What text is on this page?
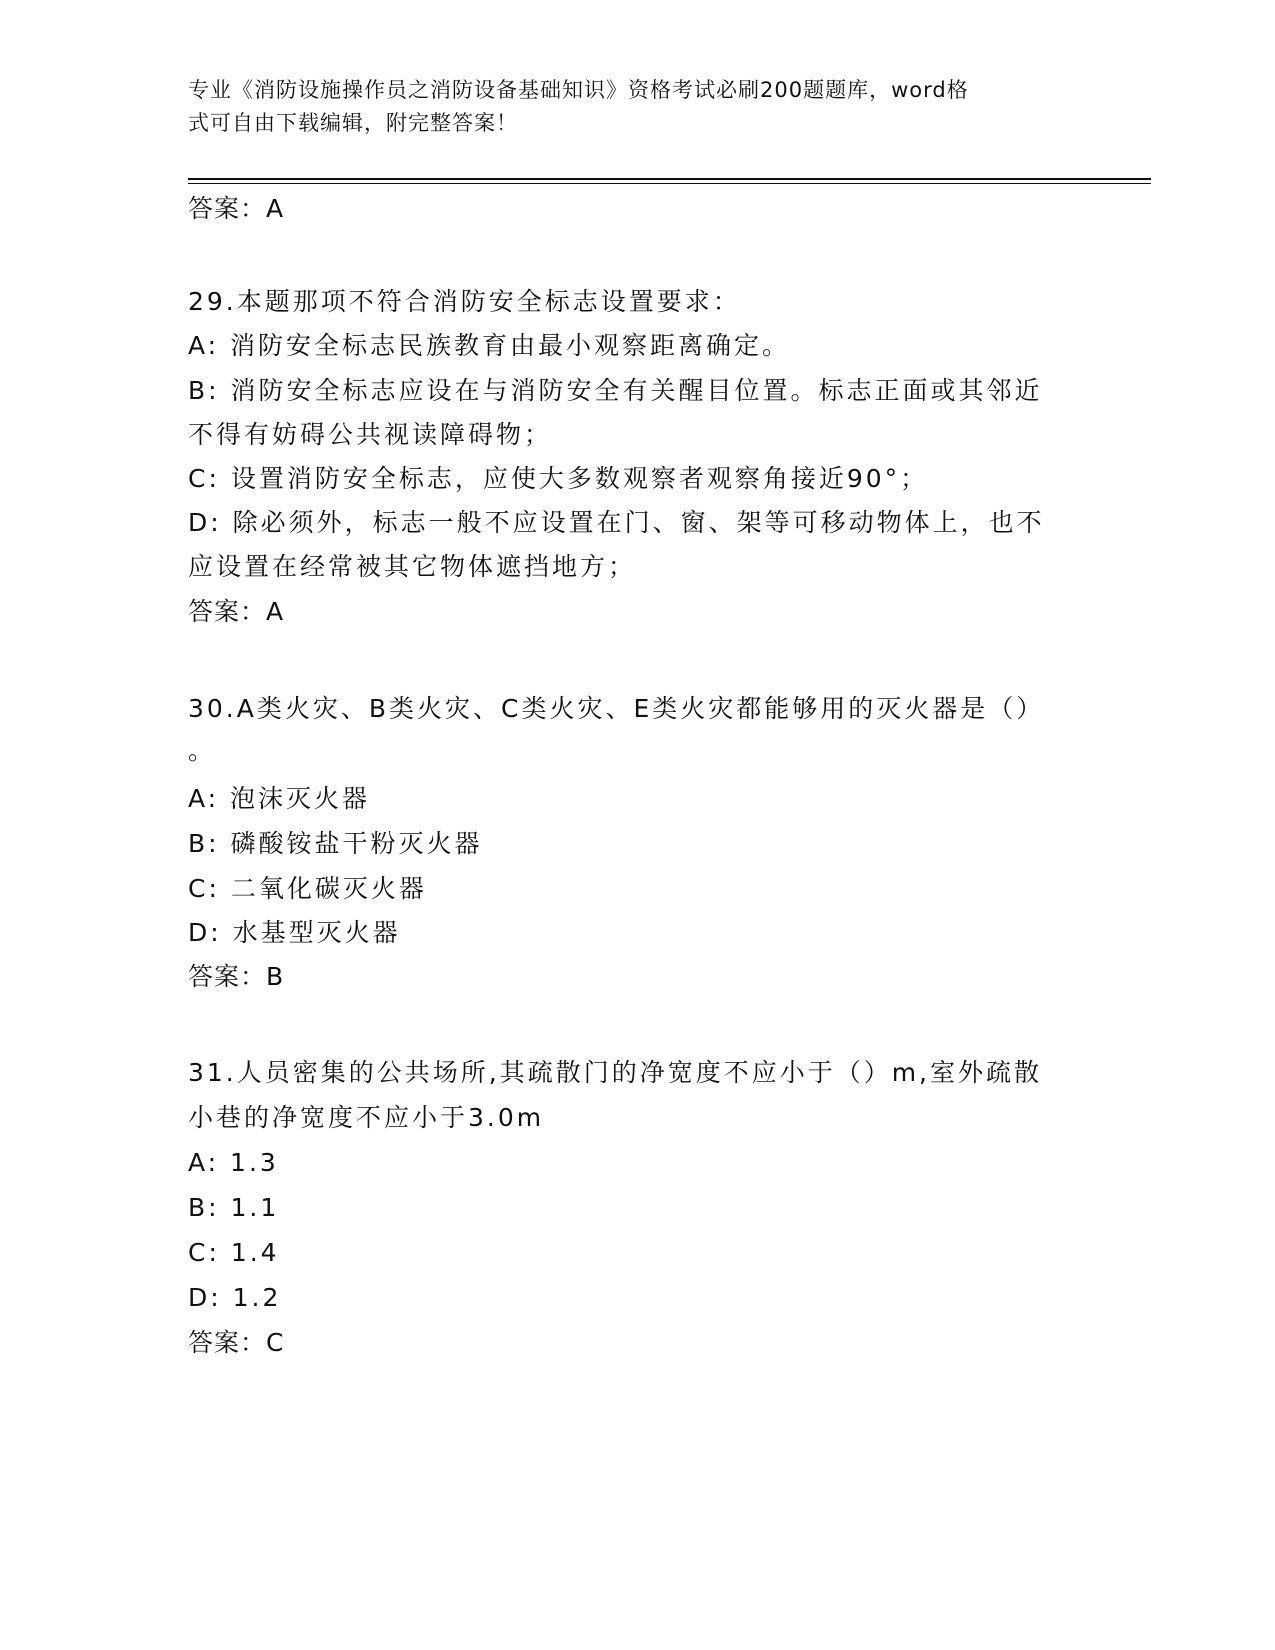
专业《消防设施操作员之消防设备基础知识》资格考试必刷200题题库，word格
式可自由下载编辑，附完整答案！
答案：A
29.本题那项不符合消防安全标志设置要求：
A: 消防安全标志民族教育由最小观察距离确定。
B: 消防安全标志应设在与消防安全有关醒目位置。标志正面或其邻近
不得有妨碍公共视读障碍物；
C: 设置消防安全标志，应使大多数观察者观察角接近90°；
D: 除必须外，标志一般不应设置在门、窗、架等可移动物体上，也不
应设置在经常被其它物体遮挡地方；
答案：A
30.A类火灾、B类火灾、C类火灾、E类火灾都能够用的灭火器是（）
。
A: 泡沫灭火器
B: 磷酸铵盐干粉灭火器
C: 二氧化碳灭火器
D: 水基型灭火器
答案：B
31.人员密集的公共场所,其疏散门的净宽度不应小于（）m,室外疏散
小巷的净宽度不应小于3.0m
A: 1.3
B: 1.1
C: 1.4
D: 1.2
答案：C
